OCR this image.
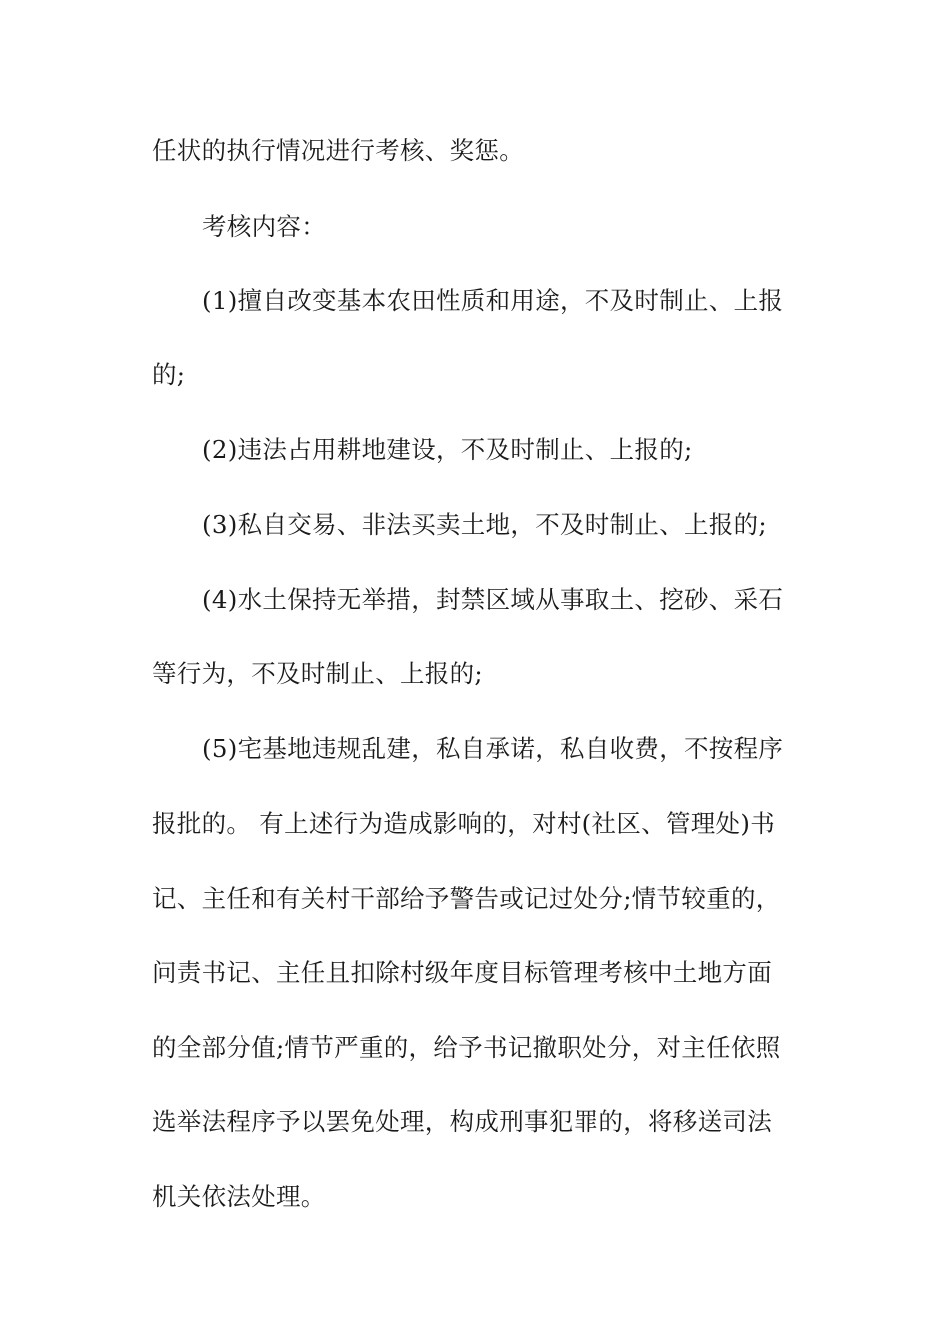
任状的执行情况进行考核、奖惩。
考核内容：
(1)擅自改变基本农田性质和用途，不及时制止、上报
的;
(2)违法占用耕地建设，不及时制止、上报的;
(3)私自交易、非法买卖土地，不及时制止、上报的;
(4)水土保持无举措，封禁区域从事取土、挖砂、采石
等行为，不及时制止、上报的;
(5)宅基地违规乱建，私自承诺，私自收费，不按程序
报批的。 有上述行为造成影响的，对村(社区、管理处)书
记、主任和有关村干部给予警告或记过处分;情节较重的，
问责书记、主任且扣除村级年度目标管理考核中土地方面
的全部分值;情节严重的，给予书记撤职处分，对主任依照
选举法程序予以罢免处理，构成刑事犯罪的，将移送司法
机关依法处理。
